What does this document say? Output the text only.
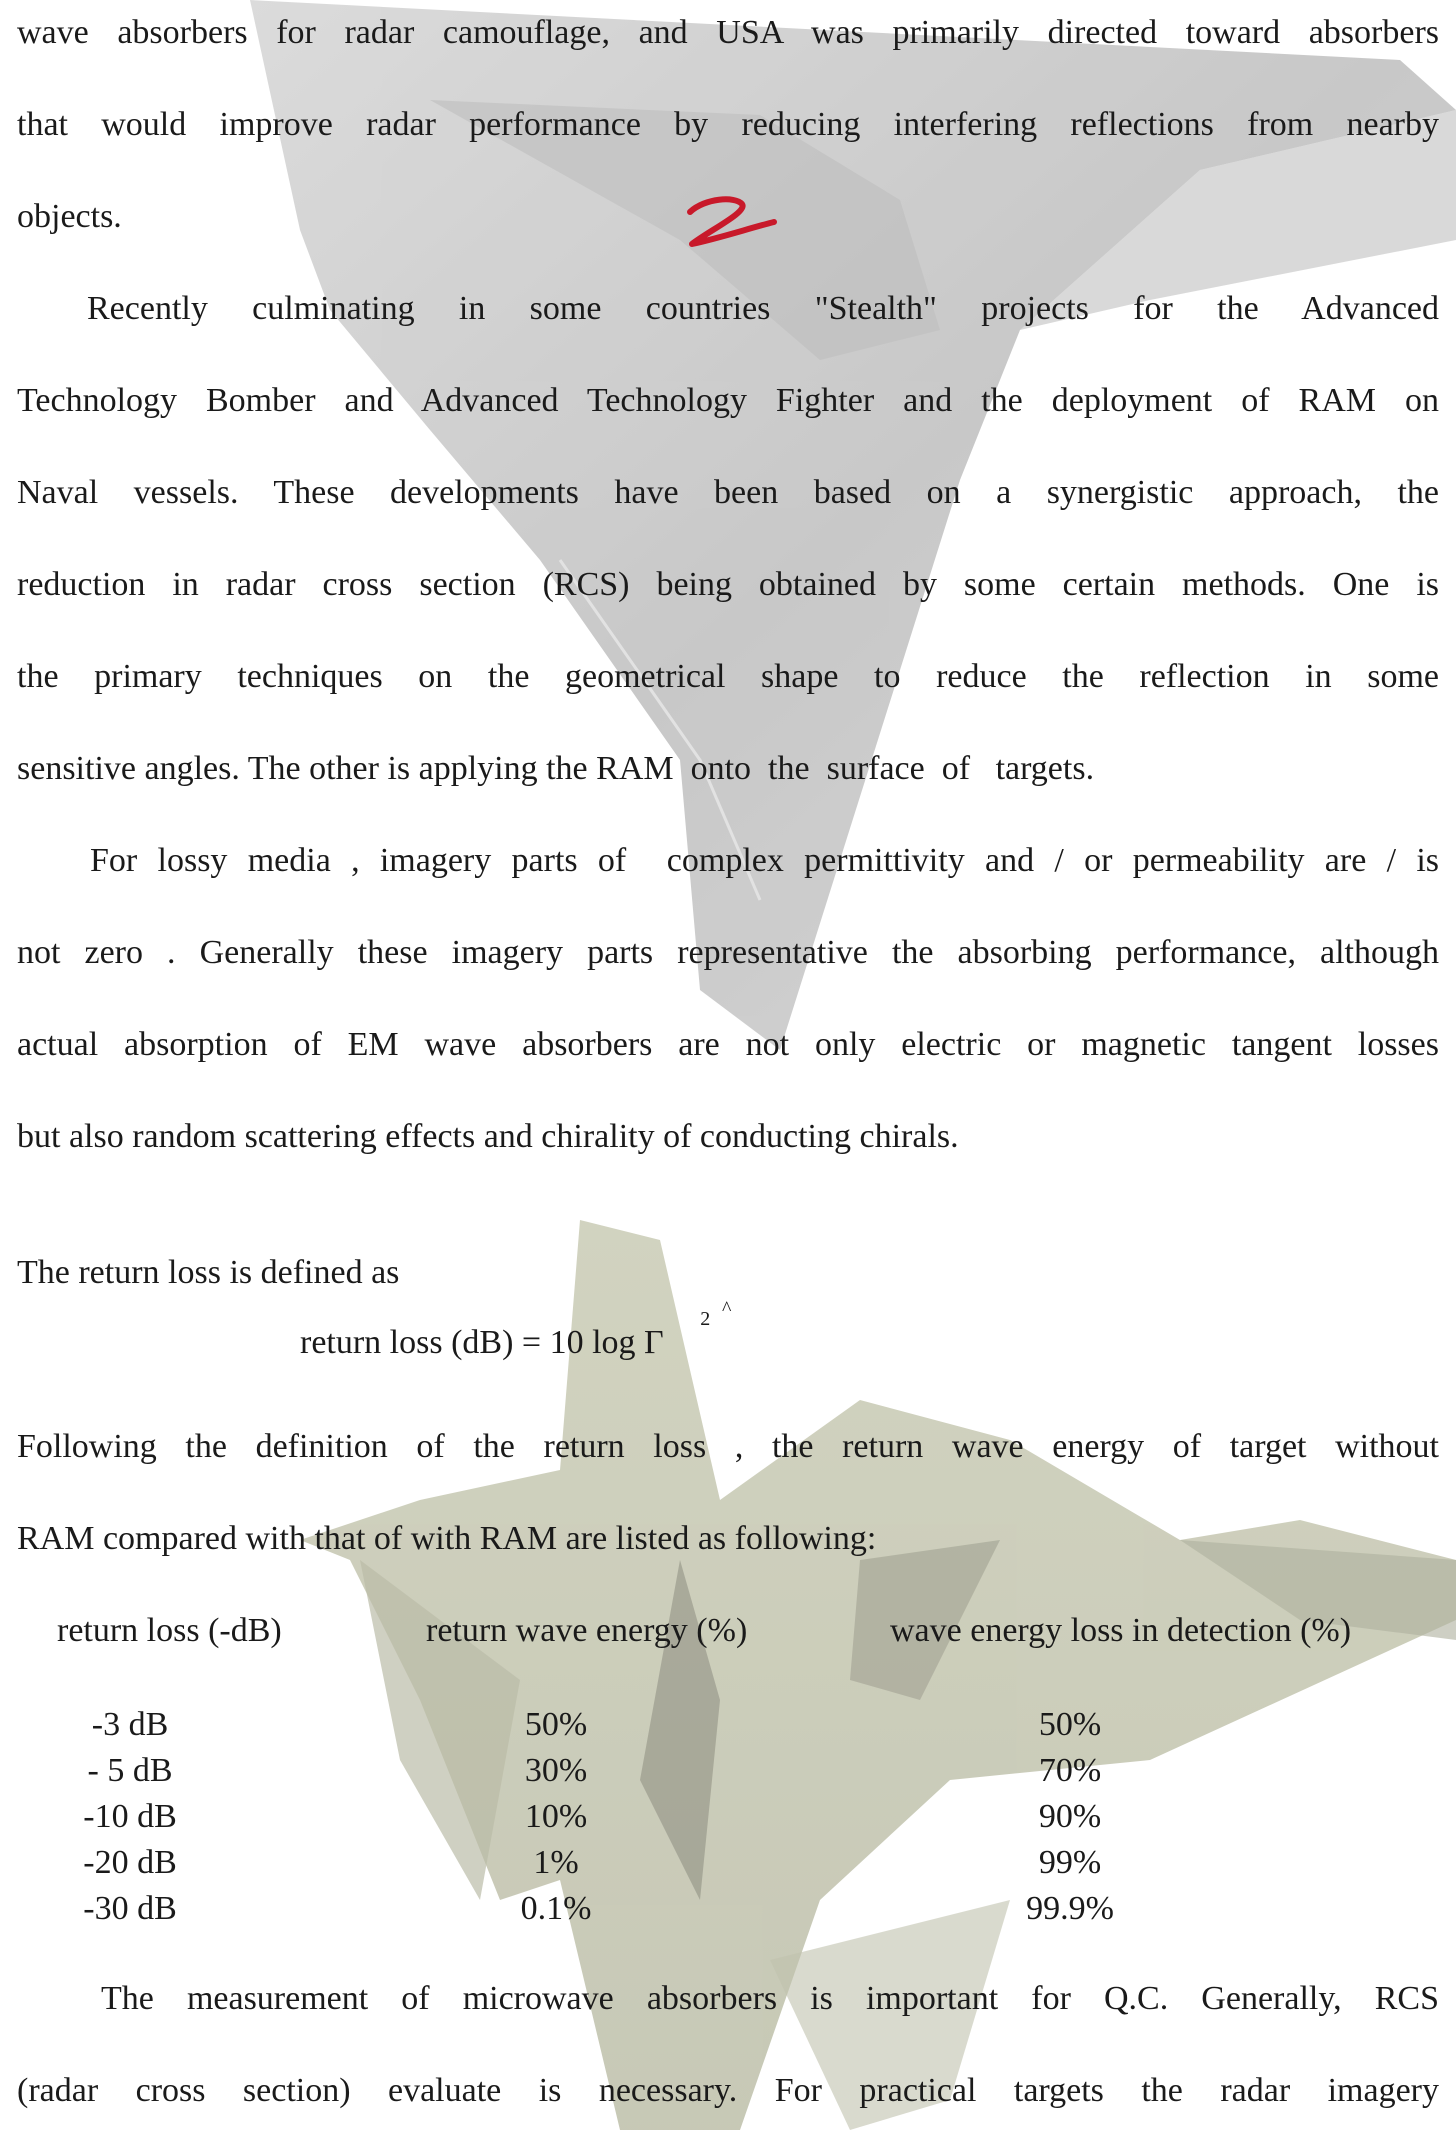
wave absorbers for radar camouflage, and USA was primarily directed toward absorbers
that would improve radar performance by reducing interfering reflections from nearby
objects.
Recently culminating in some countries "Stealth" projects for the Advanced
Technology Bomber and Advanced Technology Fighter and the deployment of RAM on
Naval vessels. These developments have been based on a synergistic approach, the
reduction in radar cross section (RCS) being obtained by some certain methods. One is
the primary techniques on the geometrical shape to reduce the reflection in some
sensitive angles. The other is applying the RAM  onto  the  surface  of   targets.
For lossy media , imagery parts of  complex permittivity and / or permeability are / is
not zero . Generally these imagery parts representative the absorbing performance, although
actual absorption of EM wave absorbers are not only electric or magnetic tangent losses
but also random scattering effects and chirality of conducting chirals.
The return loss is defined as
return loss (dB) = 10 log Γ $^2$ ^
Following the definition of the return loss , the return wave energy of target without
RAM compared with that of with RAM are listed as following:
return loss (-dB)	return wave energy (%)	wave energy loss in detection (%)
-3 dB	50%	50%
- 5 dB	30%	70%
-10 dB	10%	90%
-20 dB	1%	99%
-30 dB	0.1%	99.9%
The measurement of microwave absorbers is important for Q.C. Generally, RCS
(radar cross section) evaluate is necessary. For practical targets the radar imagery
